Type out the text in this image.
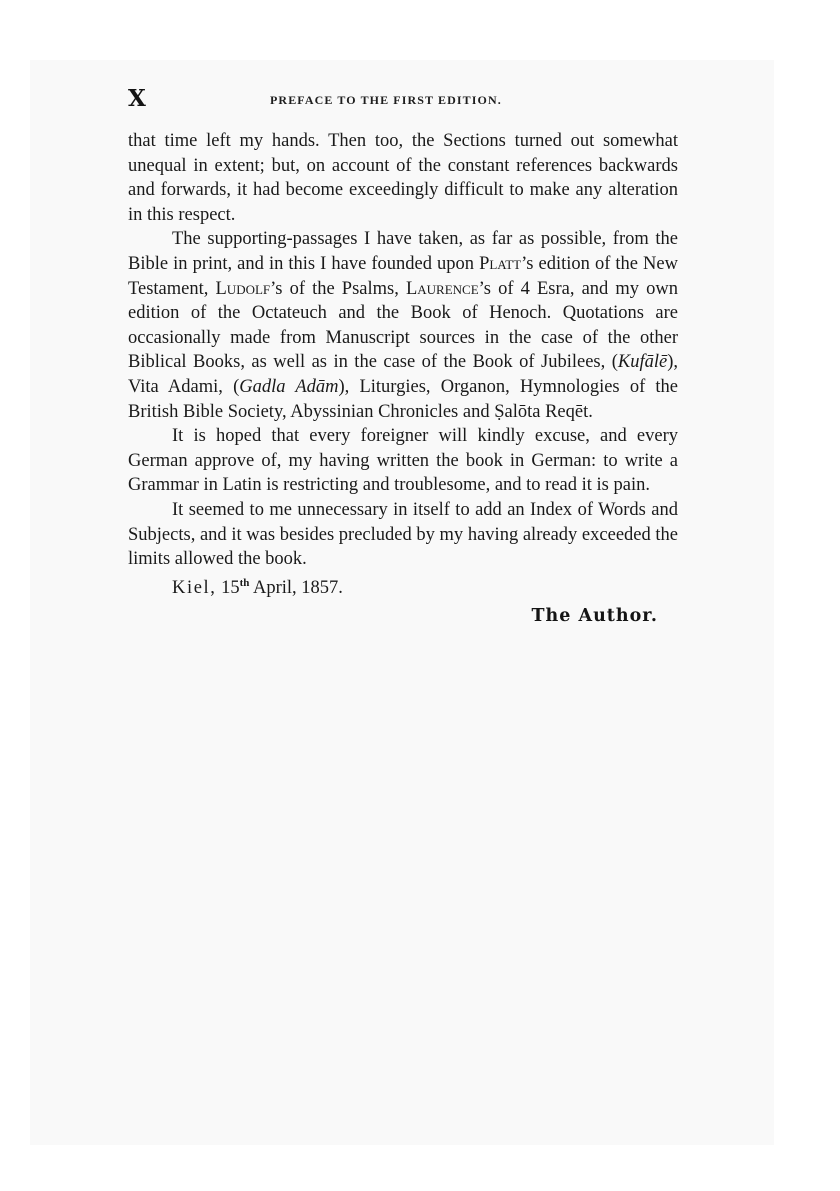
X	PREFACE TO THE FIRST EDITION.

that time left my hands. Then too, the Sections turned out somewhat unequal in extent; but, on account of the constant references backwards and forwards, it had become exceedingly difficult to make any alteration in this respect.

The supporting-passages I have taken, as far as possible, from the Bible in print, and in this I have founded upon Platt’s edition of the New Testament, Ludolf’s of the Psalms, Laurence’s of 4 Esra, and my own edition of the Octateuch and the Book of Henoch. Quotations are occasionally made from Manuscript sources in the case of the other Biblical Books, as well as in the case of the Book of Jubilees, (Kufālē), Vita Adami, (Gadla Adām), Liturgies, Organon, Hymnologies of the British Bible Society, Abyssinian Chronicles and Ṣalōta Reqēt.

It is hoped that every foreigner will kindly excuse, and every German approve of, my having written the book in German: to write a Grammar in Latin is restricting and troublesome, and to read it is pain.

It seemed to me unnecessary in itself to add an Index of Words and Subjects, and it was besides precluded by my having already exceeded the limits allowed the book.

Kiel, 15th April, 1857.

The Author.
